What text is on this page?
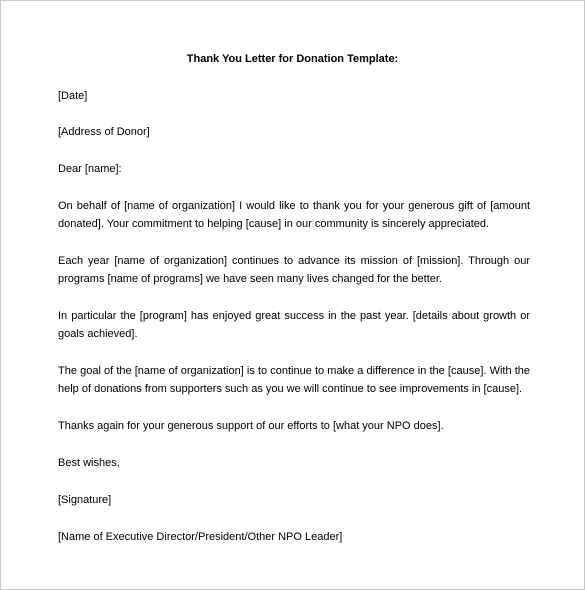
Thank You Letter for Donation Template:

[Date]

[Address of Donor]

Dear [name]:

On behalf of [name of organization] I would like to thank you for your generous gift of [amount donated]. Your commitment to helping [cause] in our community is sincerely appreciated.

Each year [name of organization] continues to advance its mission of [mission]. Through our programs [name of programs] we have seen many lives changed for the better.

In particular the [program] has enjoyed great success in the past year. [details about growth or goals achieved].

The goal of the [name of organization] is to continue to make a difference in the [cause]. With the help of donations from supporters such as you we will continue to see improvements in [cause].

Thanks again for your generous support of our efforts to [what your NPO does].

Best wishes,

[Signature]

[Name of Executive Director/President/Other NPO Leader]
